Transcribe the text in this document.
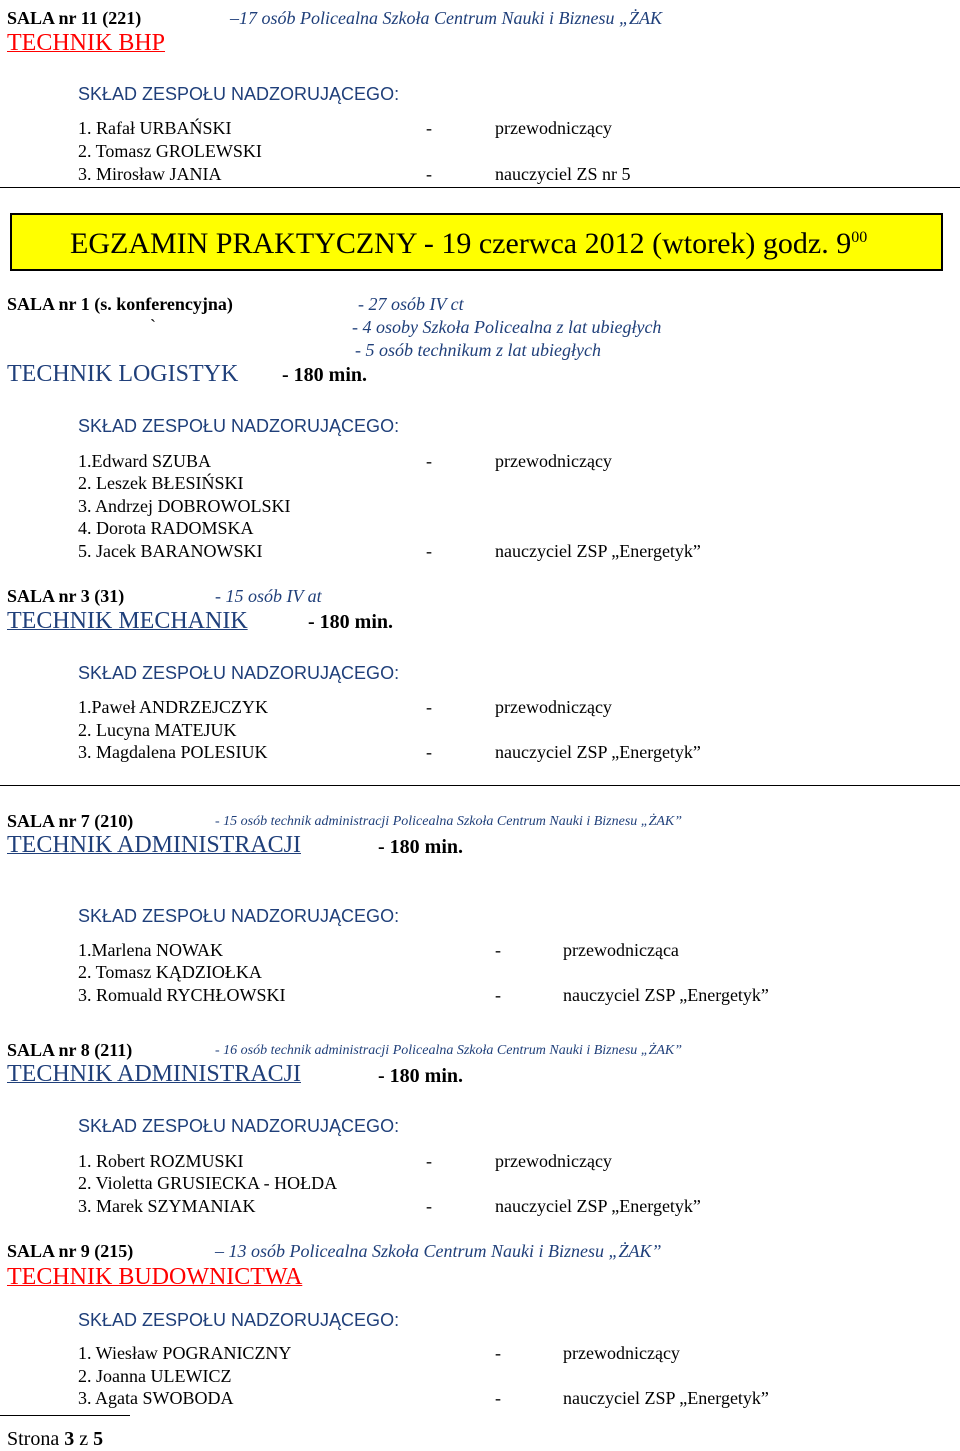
SALA nr 11 (221)	–17 osób Policealna Szkoła Centrum Nauki i Biznesu „ŻAK
TECHNIK BHP
SKŁAD ZESPOŁU NADZORUJĄCEGO:
1. Rafał URBAŃSKI	-	przewodniczący
2. Tomasz GROLEWSKI
3. Mirosław JANIA	-	nauczyciel ZS nr 5
EGZAMIN PRAKTYCZNY - 19 czerwca 2012 (wtorek) godz. $9^{00}$
SALA nr 1 (s. konferencyjna)	- 27 osób IV ct
`	- 4 osoby Szkoła Policealna z lat ubiegłych
- 5 osób technikum z lat ubiegłych
TECHNIK LOGISTYK - 180 min.
SKŁAD ZESPOŁU NADZORUJĄCEGO:
1.Edward SZUBA	-	przewodniczący
2. Leszek BŁESIŃSKI
3. Andrzej DOBROWOLSKI
4. Dorota RADOMSKA
5. Jacek BARANOWSKI	-	nauczyciel ZSP „Energetyk”
SALA nr 3 (31)	- 15 osób IV at
TECHNIK MECHANIK	- 180 min.
SKŁAD ZESPOŁU NADZORUJĄCEGO:
1.Paweł ANDRZEJCZYK	-	przewodniczący
2. Lucyna MATEJUK
3. Magdalena POLESIUK	-	nauczyciel ZSP „Energetyk”
SALA nr 7 (210)	- 15 osób technik administracji Policealna Szkoła Centrum Nauki i Biznesu „ŻAK”
TECHNIK ADMINISTRACJI	- 180 min.
SKŁAD ZESPOŁU NADZORUJĄCEGO:
1.Marlena NOWAK	-	przewodnicząca
2. Tomasz KĄDZIOŁKA
3. Romuald RYCHŁOWSKI	-	nauczyciel ZSP „Energetyk”
SALA nr 8 (211)	- 16 osób technik administracji Policealna Szkoła Centrum Nauki i Biznesu „ŻAK”
TECHNIK ADMINISTRACJI	- 180 min.
SKŁAD ZESPOŁU NADZORUJĄCEGO:
1. Robert ROZMUSKI	-	przewodniczący
2. Violetta GRUSIECKA - HOŁDA
3. Marek SZYMANIAK	-	nauczyciel ZSP „Energetyk”
SALA nr 9 (215)	– 13 osób Policealna Szkoła Centrum Nauki i Biznesu „ŻAK”
TECHNIK BUDOWNICTWA
SKŁAD ZESPOŁU NADZORUJĄCEGO:
1. Wiesław POGRANICZNY	-	przewodniczący
2. Joanna ULEWICZ
3. Agata SWOBODA	-	nauczyciel ZSP „Energetyk”
Strona 3 z 5
